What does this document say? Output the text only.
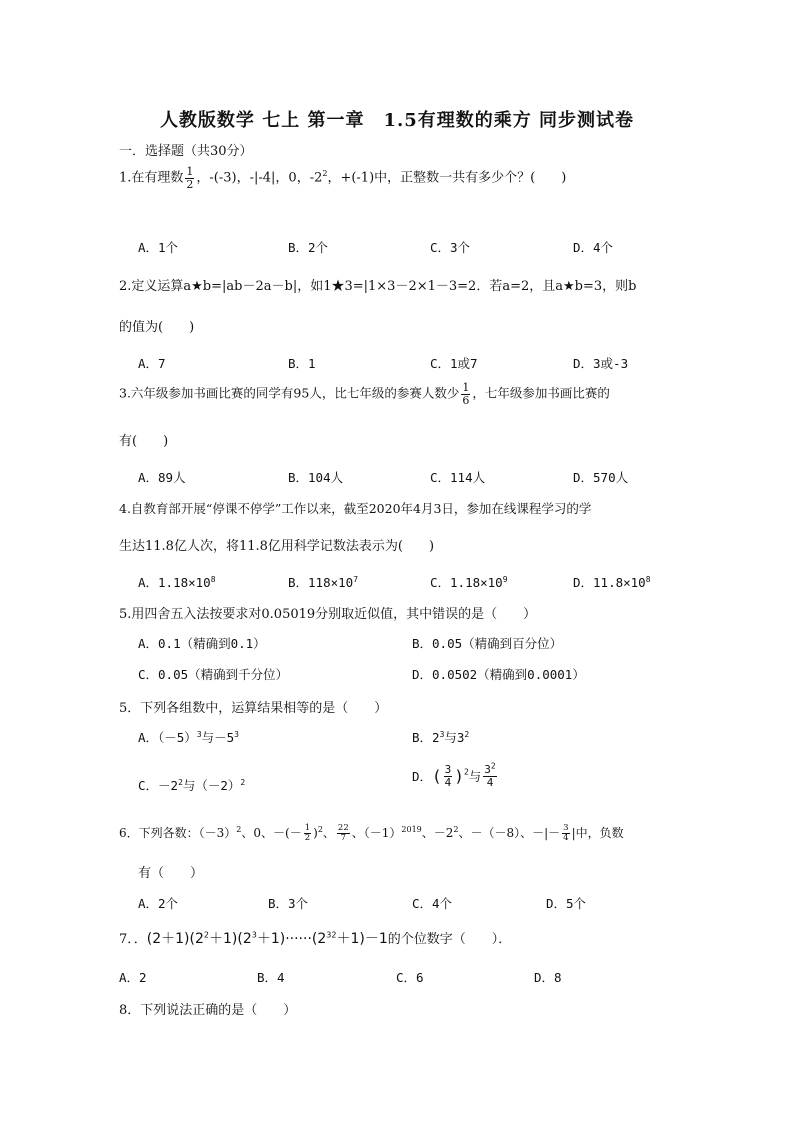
人教版数学 七上 第一章　1.5有理数的乘方 同步测试卷
一．选择题（共30分）
1.在有理数 $\frac{1}{2}$ ，-(-3)，-|-4|，0，$-2^2$，+(-1)中，正整数一共有多少个？(　　)
A．1个	B．2个	C．3个	D．4个
2.定义运算a★b=|ab－2a－b|，如1★3=|1×3－2×1－3=2．若a=2，且a★b=3，则b
的值为(　　)
A．7	B．1	C．1或7	D．3或-3
3.六年级参加书画比赛的同学有95人，比七年级的参赛人数少 $\frac{1}{6}$ ，七年级参加书画比赛的
有(　　)
A．89人	B．104人	C．114人	D．570人
4.自教育部开展“停课不停学”工作以来，截至2020年4月3日，参加在线课程学习的学
生达11.8亿人次，将11.8亿用科学记数法表示为(　　)
A．$1.18\times 10^8$	B．$118\times 10^7$	C．$1.18\times 10^9$	D．$11.8\times 10^8$
5.用四舍五入法按要求对0.05019分别取近似值，其中错误的是（　　）
A．0.1（精确到0.1）	B．0.05（精确到百分位）
C．0.05（精确到千分位）	D．0.0502（精确到0.0001）
5．下列各组数中，运算结果相等的是（　　）
A．$(-5)^3$与$-5^3$	B．$2^3$与$3^2$
C．$-2^2$与$(-2)^2$	D．( $\frac{3}{4} )^2$与 $\frac{3^2}{4}$
6．下列各数：$(-3)^2$、0、－(－ $\frac{1}{2} )^2$、 $\frac{22}{7}$ 、$(-1)^{2019}$、$-2^2$、－（－8）、－|－ $\frac{3}{4}$ |中，负数
有（　　）
A．2个	B．3个	C．4个	D．5个
7．．$(2+1)(2^2+1)(2^3+1)\cdot\cdot\cdot\cdot\cdot\cdot(2^{32}+1)-1$的个位数字（　　）．
A．2	B．4	C．6	D．8
8．下列说法正确的是（　　）
